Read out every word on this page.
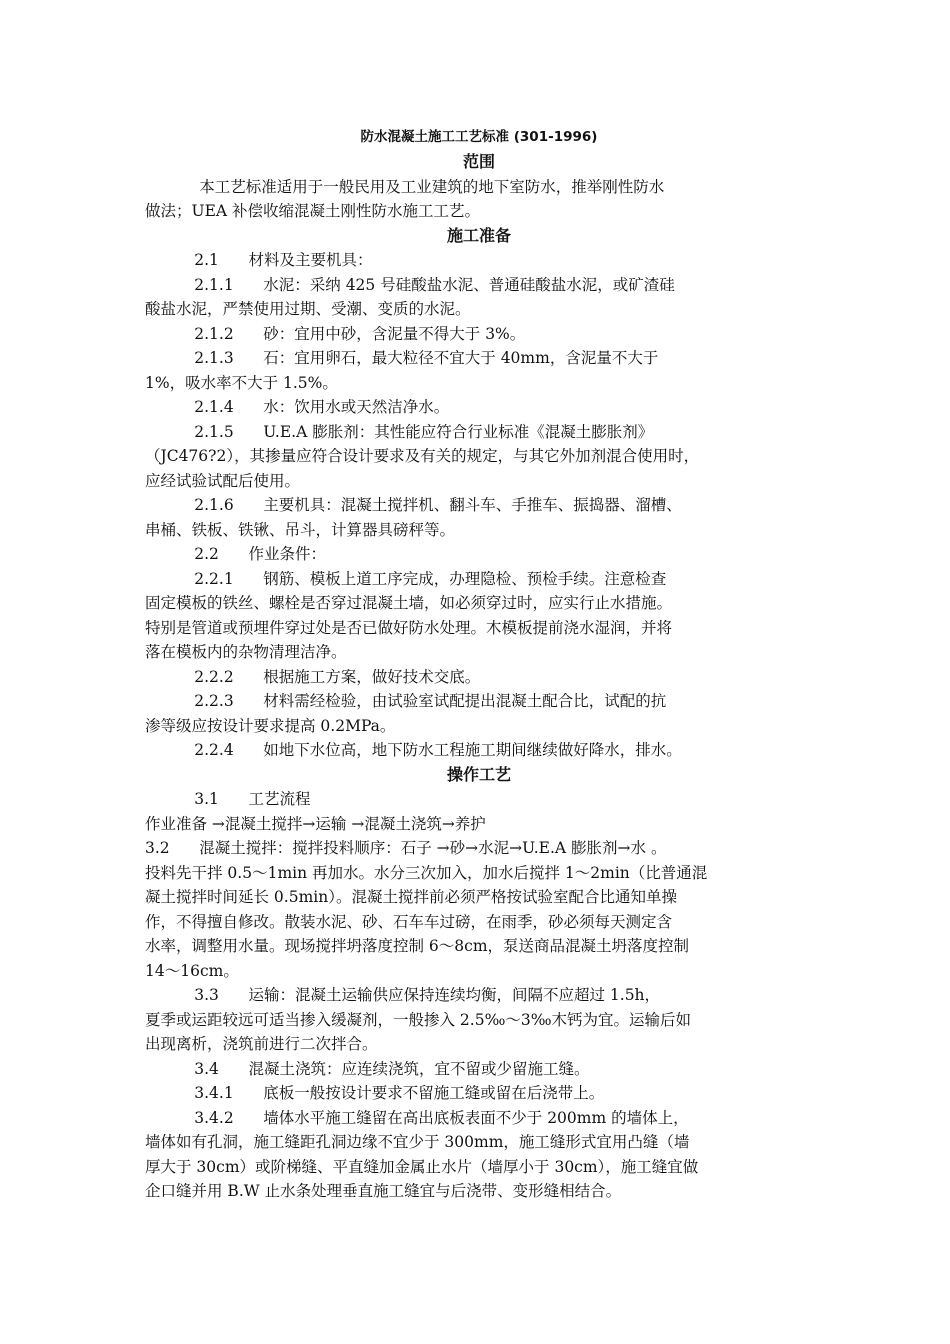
防水混凝土施工工艺标准 (301-1996)
范围
本工艺标准适用于一般民用及工业建筑的地下室防水，推举刚性防水
做法；UEA 补偿收缩混凝土刚性防水施工工艺。
施工准备
2.1      材料及主要机具：
2.1.1      水泥：采纳 425 号硅酸盐水泥、普通硅酸盐水泥，或矿渣硅
酸盐水泥，严禁使用过期、受潮、变质的水泥。
2.1.2      砂：宜用中砂，含泥量不得大于 3%。
2.1.3      石：宜用卵石，最大粒径不宜大于 40mm，含泥量不大于
1%，吸水率不大于 1.5%。
2.1.4      水：饮用水或天然洁净水。
2.1.5      U.E.A 膨胀剂：其性能应符合行业标准《混凝土膨胀剂》
（JC476?2），其掺量应符合设计要求及有关的规定，与其它外加剂混合使用时，
应经试验试配后使用。
2.1.6      主要机具：混凝土搅拌机、翻斗车、手推车、振捣器、溜槽、
串桶、铁板、铁锹、吊斗，计算器具磅秤等。
2.2      作业条件：
2.2.1      钢筋、模板上道工序完成，办理隐检、预检手续。注意检查
固定模板的铁丝、螺栓是否穿过混凝土墙，如必须穿过时，应实行止水措施。
特别是管道或预埋件穿过处是否已做好防水处理。木模板提前浇水湿润，并将
落在模板内的杂物清理洁净。
2.2.2      根据施工方案，做好技术交底。
2.2.3      材料需经检验，由试验室试配提出混凝土配合比，试配的抗
渗等级应按设计要求提高 0.2MPa。
2.2.4      如地下水位高，地下防水工程施工期间继续做好降水，排水。
操作工艺
3.1      工艺流程
作业准备 →混凝土搅拌→运输 →混凝土浇筑→养护
3.2      混凝土搅拌：搅拌投料顺序：石子 →砂→水泥→U.E.A 膨胀剂→水 。
投料先干拌 0.5～1min 再加水。水分三次加入，加水后搅拌 1～2min（比普通混
凝土搅拌时间延长 0.5min）。混凝土搅拌前必须严格按试验室配合比通知单操
作，不得擅自修改。散装水泥、砂、石车车过磅，在雨季，砂必须每天测定含
水率，调整用水量。现场搅拌坍落度控制 6～8cm，泵送商品混凝土坍落度控制
14～16cm。
3.3      运输：混凝土运输供应保持连续均衡，间隔不应超过 1.5h，
夏季或运距较远可适当掺入缓凝剂，一般掺入 2.5‰～3‰木钙为宜。运输后如
出现离析，浇筑前进行二次拌合。
3.4      混凝土浇筑：应连续浇筑，宜不留或少留施工缝。
3.4.1      底板一般按设计要求不留施工缝或留在后浇带上。
3.4.2      墙体水平施工缝留在高出底板表面不少于 200mm 的墙体上，
墙体如有孔洞，施工缝距孔洞边缘不宜少于 300mm，施工缝形式宜用凸缝（墙
厚大于 30cm）或阶梯缝、平直缝加金属止水片（墙厚小于 30cm），施工缝宜做
企口缝并用 B.W 止水条处理垂直施工缝宜与后浇带、变形缝相结合。
